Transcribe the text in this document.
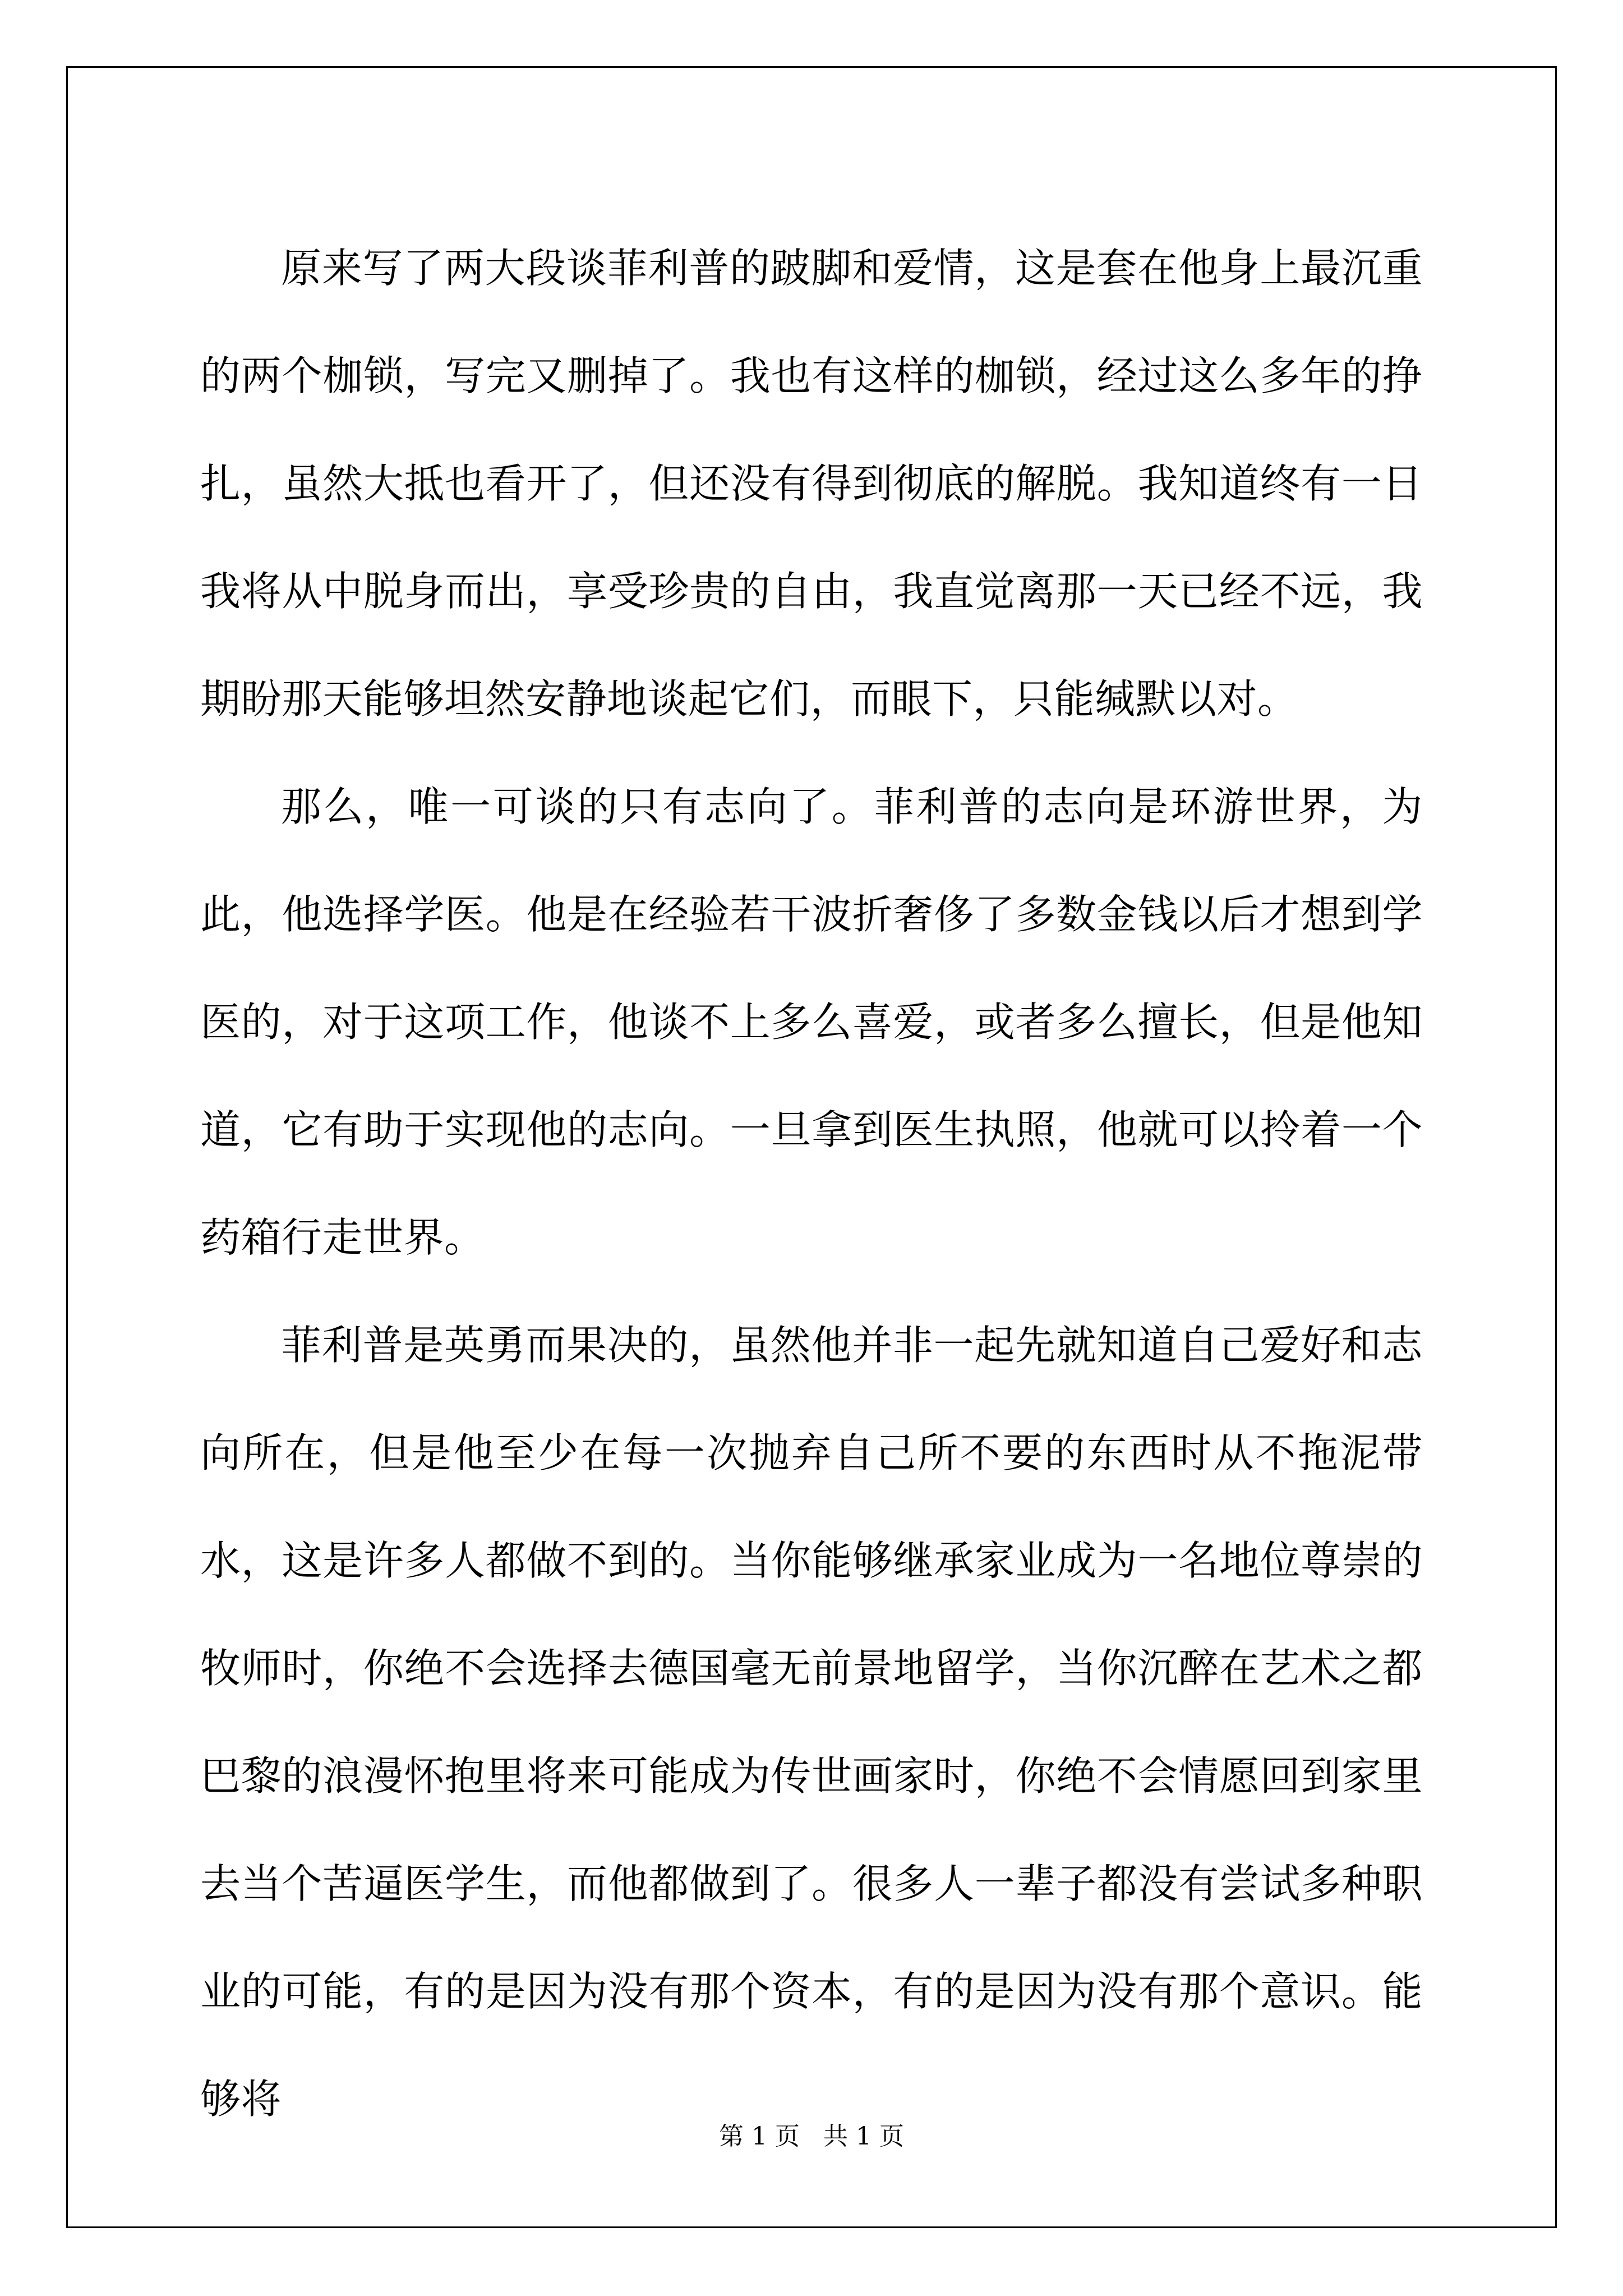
原来写了两大段谈菲利普的跛脚和爱情，这是套在他身上最沉重的两个枷锁，写完又删掉了。我也有这样的枷锁，经过这么多年的挣扎，虽然大抵也看开了，但还没有得到彻底的解脱。我知道终有一日我将从中脱身而出，享受珍贵的自由，我直觉离那一天已经不远，我期盼那天能够坦然安静地谈起它们，而眼下，只能缄默以对。

那么，唯一可谈的只有志向了。菲利普的志向是环游世界，为此，他选择学医。他是在经验若干波折奢侈了多数金钱以后才想到学医的，对于这项工作，他谈不上多么喜爱，或者多么擅长，但是他知道，它有助于实现他的志向。一旦拿到医生执照，他就可以拎着一个药箱行走世界。

菲利普是英勇而果决的，虽然他并非一起先就知道自己爱好和志向所在，但是他至少在每一次抛弃自己所不要的东西时从不拖泥带水，这是许多人都做不到的。当你能够继承家业成为一名地位尊崇的牧师时，你绝不会选择去德国毫无前景地留学，当你沉醉在艺术之都巴黎的浪漫怀抱里将来可能成为传世画家时，你绝不会情愿回到家里去当个苦逼医学生，而他都做到了。很多人一辈子都没有尝试多种职业的可能，有的是因为没有那个资本，有的是因为没有那个意识。能够将

第 1 页   共 1 页
